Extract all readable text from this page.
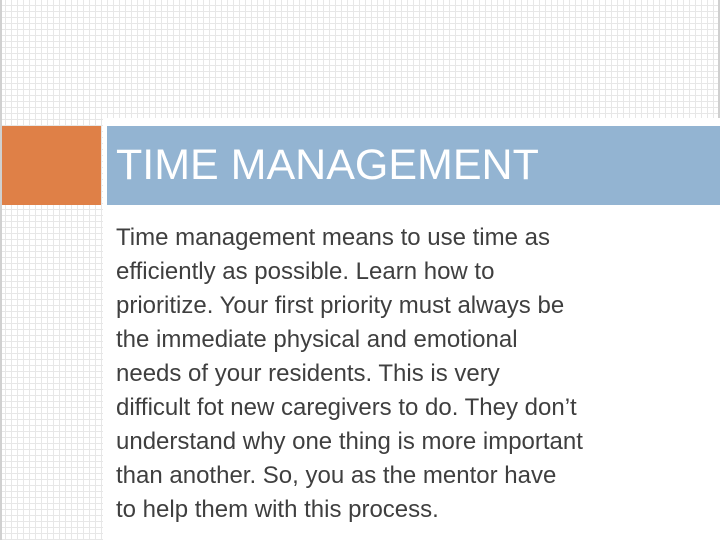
TIME MANAGEMENT

Time management means to use time as
efficiently as possible. Learn how to
prioritize. Your first priority must always be
the immediate physical and emotional
needs of your residents. This is very
difficult fot new caregivers to do. They don’t
understand why one thing is more important
than another. So, you as the mentor have
to help them with this process.
